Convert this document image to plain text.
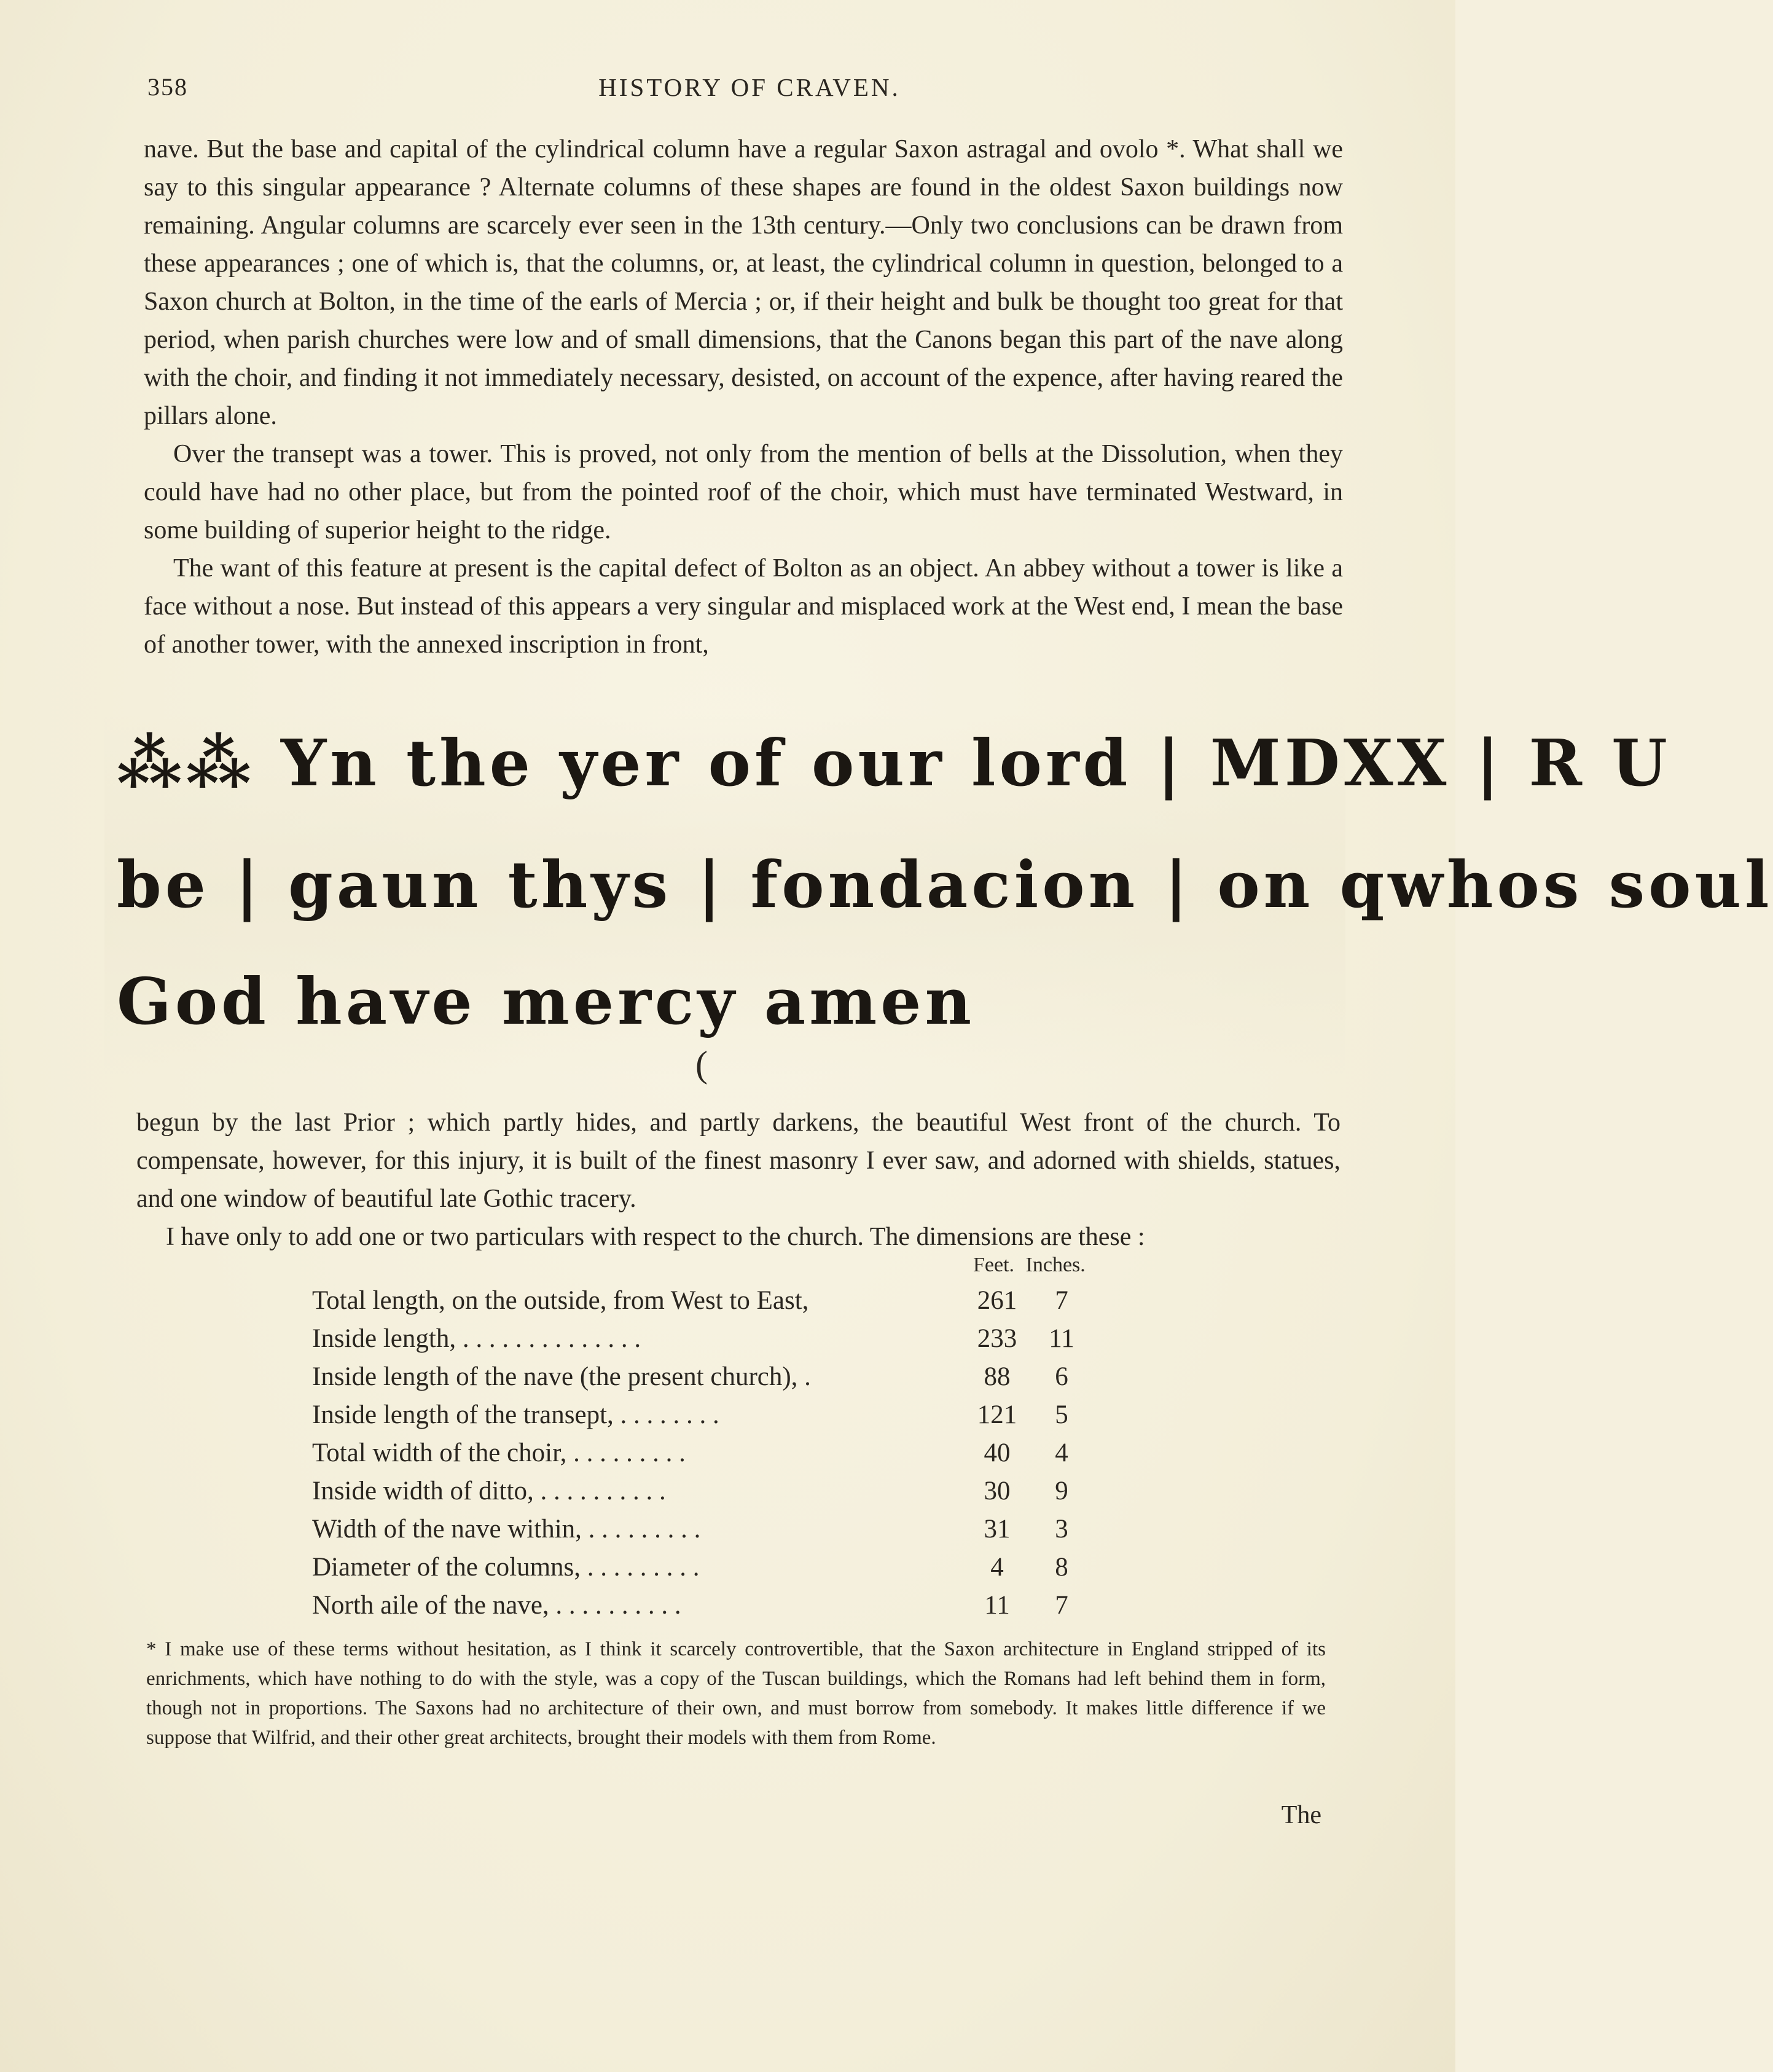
358	HISTORY OF CRAVEN.

nave. But the base and capital of the cylindrical column have a regular Saxon astragal and ovolo *. What shall we say to this singular appearance ? Alternate columns of these shapes are found in the oldest Saxon buildings now remaining. Angular columns are scarcely ever seen in the 13th century.—Only two conclusions can be drawn from these appearances ; one of which is, that the columns, or, at least, the cylindrical column in question, belonged to a Saxon church at Bolton, in the time of the earls of Mercia ; or, if their height and bulk be thought too great for that period, when parish churches were low and of small dimensions, that the Canons began this part of the nave along with the choir, and finding it not immediately necessary, desisted, on account of the expence, after having reared the pillars alone.

Over the transept was a tower. This is proved, not only from the mention of bells at the Dissolution, when they could have had no other place, but from the pointed roof of the choir, which must have terminated Westward, in some building of superior height to the ridge.

The want of this feature at present is the capital defect of Bolton as an object. An abbey without a tower is like a face without a nose. But instead of this appears a very singular and misplaced work at the West end, I mean the base of another tower, with the annexed inscription in front,

⁂⁂ Yn the yer of our lord | MDXX | R U
be | gaun thys | fondacion | on qwhos soul
God have mercy amen
(

begun by the last Prior ; which partly hides, and partly darkens, the beautiful West front of the church. To compensate, however, for this injury, it is built of the finest masonry I ever saw, and adorned with shields, statues, and one window of beautiful late Gothic tracery.

I have only to add one or two particulars with respect to the church. The dimensions are these :

Feet. Inches.
Total length, on the outside, from West to East,	261	7
Inside length, . . . . . . . . . . . . . .	233	11
Inside length of the nave (the present church), .	88	6
Inside length of the transept, . . . . . . . .	121	5
Total width of the choir, . . . . . . . . .	40	4
Inside width of ditto, . . . . . . . . . .	30	9
Width of the nave within, . . . . . . . . .	31	3
Diameter of the columns, . . . . . . . . .	4	8
North aile of the nave, . . . . . . . . . .	11	7
* I make use of these terms without hesitation, as I think it scarcely controvertible, that the Saxon architecture in England stripped of its enrichments, which have nothing to do with the style, was a copy of the Tuscan buildings, which the Romans had left behind them in form, though not in proportions. The Saxons had no architecture of their own, and must borrow from somebody. It makes little difference if we suppose that Wilfrid, and their other great architects, brought their models with them from Rome.
The
